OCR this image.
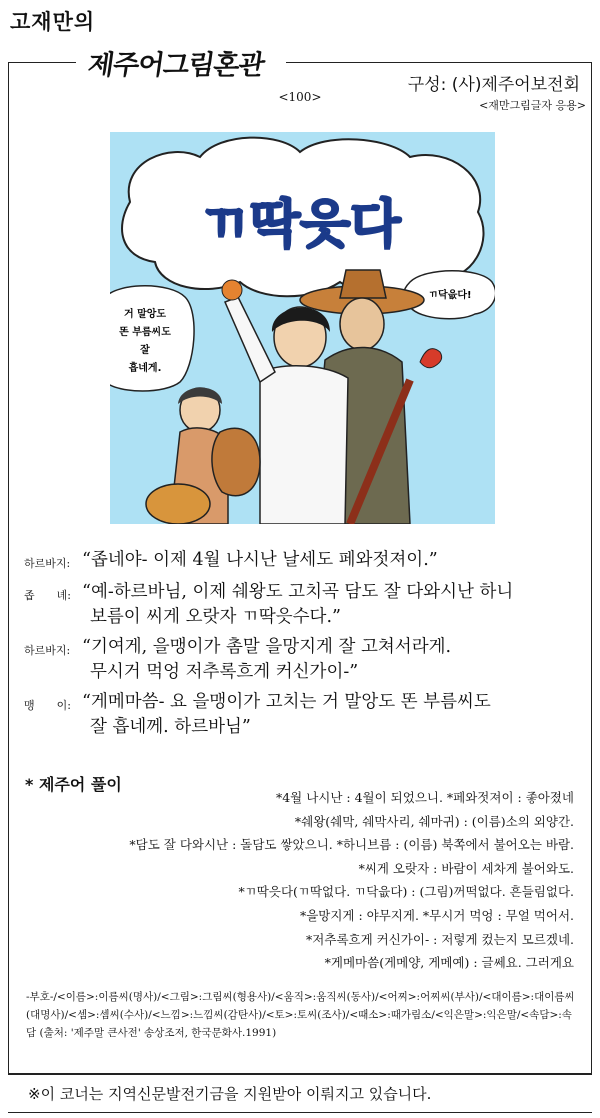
고재만의
제주어그림혼관
<100>
구성: (사)제주어보전회
<재만그림글자 응용>
ㄲ딱읏다
거 말앙도
똔 부름씨도
잘
흡네게.
ㄲ닥읎다!
하르바지: “좁네야- 이제 4월 나시난 날세도 페와젓져이.”
좁　　녜: “예-하르바님, 이제 쉐왕도 고치곡 담도 잘 다와시난 하니
보름이 씨게 오랏자 ㄲ딱읏수다.”
하르바지: “기여게, 을맹이가 촘말 을망지게 잘 고쳐서라게.
무시거 먹엉 저추록흐게 커신가이-”
맹　　이: “게메마씀- 요 을맹이가 고치는 거 말앙도 똔 부름씨도
잘 흡네께. 하르바님”
* 제주어 풀이
*4월 나시난 : 4월이 되었으니. *페와젓져이 : 좋아졌네
*쉐왕(쉐막, 쉐막사리, 쉐마귀) : (이름)소의 외양간.
*담도 잘 다와시난 : 돌담도 쌓았으니. *하니브름 : (이름) 북쪽에서 불어오는 바람.
*씨게 오랏자 : 바람이 세차게 불어와도.
*ㄲ딱읏다(ㄲ딱없다. ㄲ닥읎다) : (그림)꺼떡없다. 흔들림없다.
*을망지게 : 야무지게. *무시거 먹엉 : 무얼 먹어서.
*저추록흐게 커신가이- : 저렇게 컸는지 모르겠네.
*게메마씀(게메양, 게메예) : 글쎄요. 그러게요
-부호-/<이름>:이름씨(명사)/<그림>:그림씨(형용사)/<움직>:움직씨(동사)/<어찌>:어찌씨(부사)/<대이름>:대이름씨(대명사)/<셈>:셈씨(수사)/<느낌>:느낌씨(감탄사)/<토>:토씨(조사)/<때소>:때가림소/<익은말>:익은말/<속담>:속담 (출처: '제주말 큰사전' 송상조저, 한국문화사.1991)
※이 코너는 지역신문발전기금을 지원받아 이뤄지고 있습니다.
